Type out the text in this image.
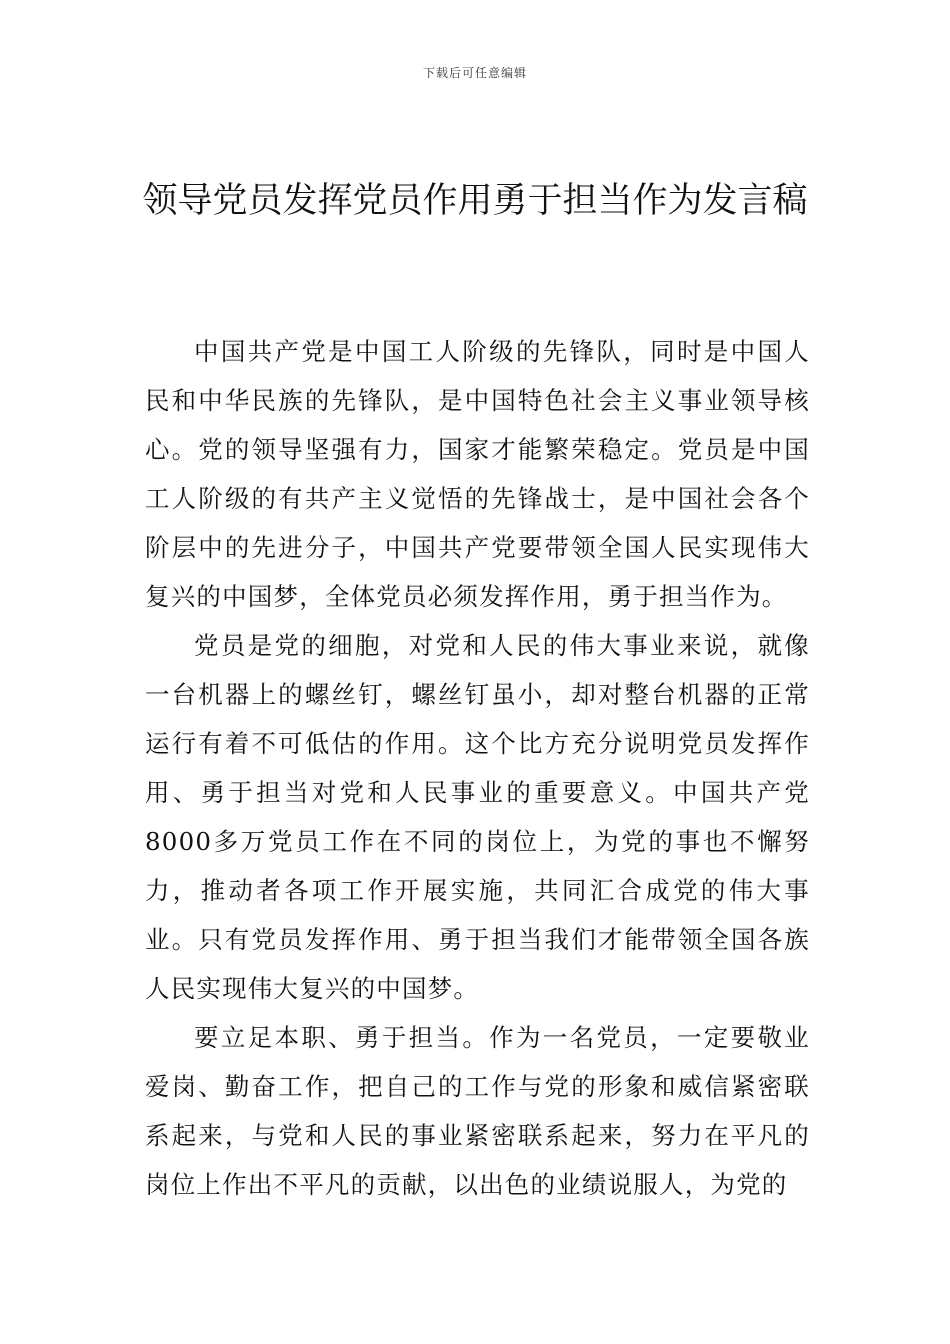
下载后可任意编辑
领导党员发挥党员作用勇于担当作为发言稿

中国共产党是中国工人阶级的先锋队，同时是中国人民和中华民族的先锋队，是中国特色社会主义事业领导核心。党的领导坚强有力，国家才能繁荣稳定。党员是中国工人阶级的有共产主义觉悟的先锋战士，是中国社会各个阶层中的先进分子，中国共产党要带领全国人民实现伟大复兴的中国梦，全体党员必须发挥作用，勇于担当作为。

党员是党的细胞，对党和人民的伟大事业来说，就像一台机器上的螺丝钉，螺丝钉虽小，却对整台机器的正常运行有着不可低估的作用。这个比方充分说明党员发挥作用、勇于担当对党和人民事业的重要意义。中国共产党8000多万党员工作在不同的岗位上，为党的事也不懈努力，推动者各项工作开展实施，共同汇合成党的伟大事业。只有党员发挥作用、勇于担当我们才能带领全国各族人民实现伟大复兴的中国梦。

要立足本职、勇于担当。作为一名党员，一定要敬业爱岗、勤奋工作，把自己的工作与党的形象和威信紧密联系起来，与党和人民的事业紧密联系起来，努力在平凡的岗位上作出不平凡的贡献，以出色的业绩说服人，为党的
